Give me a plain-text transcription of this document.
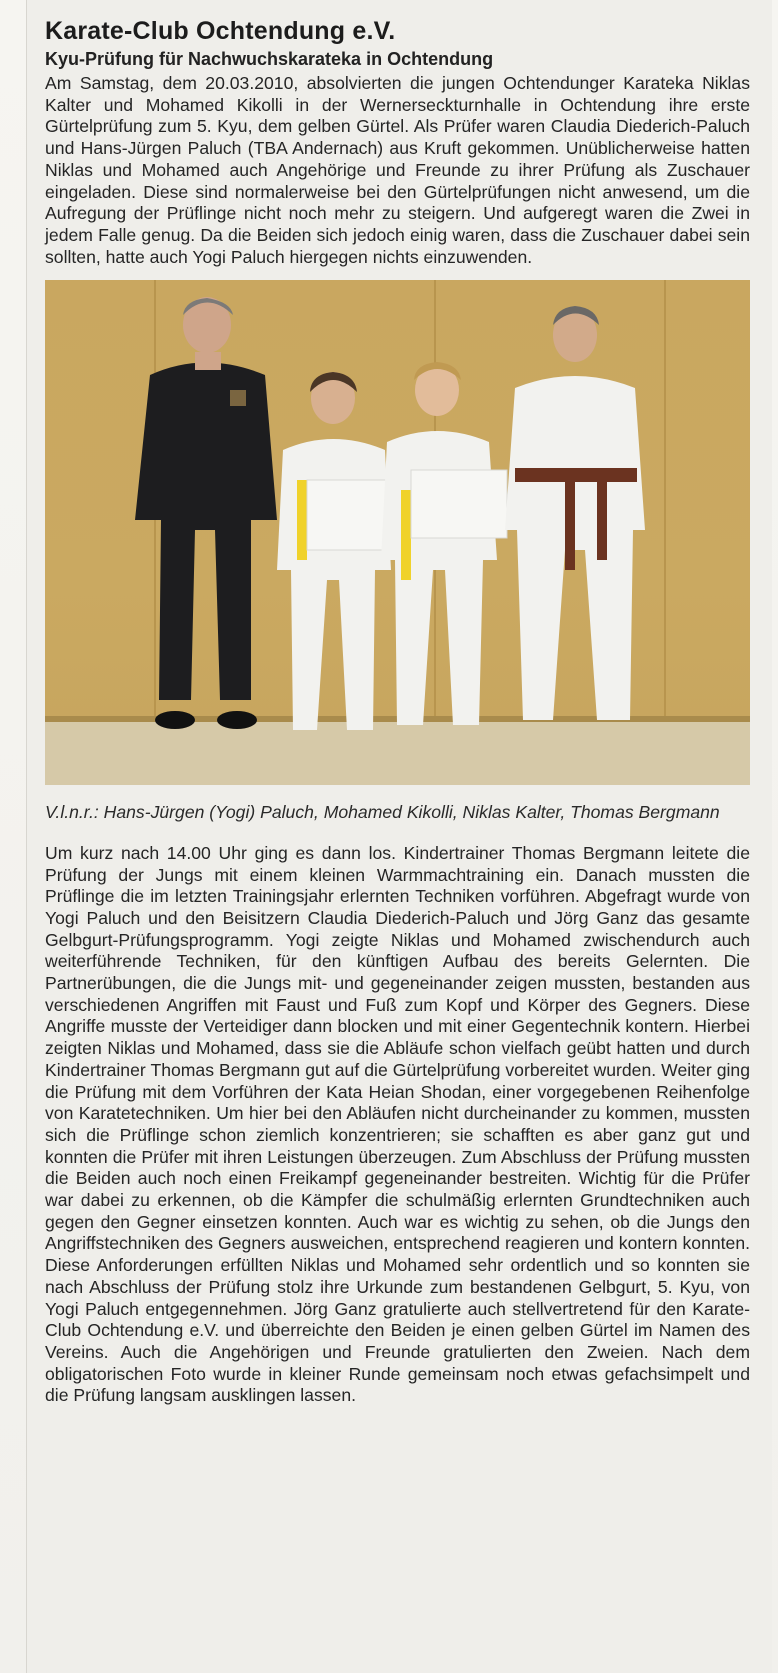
Karate-Club Ochtendung e.V.
Kyu-Prüfung für Nachwuchskarateka in Ochtendung

Am Samstag, dem 20.03.2010, absolvierten die jungen Ochtendunger Karateka Niklas Kalter und Mohamed Kikolli in der Wernerseckturnhalle in Ochtendung ihre erste Gürtelprüfung zum 5. Kyu, dem gelben Gürtel. Als Prüfer waren Claudia Diederich-Paluch und Hans-Jürgen Paluch (TBA Andernach) aus Kruft gekommen. Unüblicherweise hatten Niklas und Mohamed auch Angehörige und Freunde zu ihrer Prüfung als Zuschauer eingeladen. Diese sind normalerweise bei den Gürtelprüfungen nicht anwesend, um die Aufregung der Prüflinge nicht noch mehr zu steigern. Und aufgeregt waren die Zwei in jedem Falle genug. Da die Beiden sich jedoch einig waren, dass die Zuschauer dabei sein sollten, hatte auch Yogi Paluch hiergegen nichts einzuwenden.

V.l.n.r.: Hans-Jürgen (Yogi) Paluch, Mohamed Kikolli, Niklas Kalter, Thomas Bergmann

Um kurz nach 14.00 Uhr ging es dann los. Kindertrainer Thomas Bergmann leitete die Prüfung der Jungs mit einem kleinen Warmmachtraining ein. Danach mussten die Prüflinge die im letzten Trainingsjahr erlernten Techniken vorführen. Abgefragt wurde von Yogi Paluch und den Beisitzern Claudia Diederich-Paluch und Jörg Ganz das gesamte Gelbgurt-Prüfungsprogramm. Yogi zeigte Niklas und Mohamed zwischendurch auch weiterführende Techniken, für den künftigen Aufbau des bereits Gelernten. Die Partnerübungen, die die Jungs mit- und gegeneinander zeigen mussten, bestanden aus verschiedenen Angriffen mit Faust und Fuß zum Kopf und Körper des Gegners. Diese Angriffe musste der Verteidiger dann blocken und mit einer Gegentechnik kontern. Hierbei zeigten Niklas und Mohamed, dass sie die Abläufe schon vielfach geübt hatten und durch Kindertrainer Thomas Bergmann gut auf die Gürtelprüfung vorbereitet wurden. Weiter ging die Prüfung mit dem Vorführen der Kata Heian Shodan, einer vorgegebenen Reihenfolge von Karatetechniken. Um hier bei den Abläufen nicht durcheinander zu kommen, mussten sich die Prüflinge schon ziemlich konzentrieren; sie schafften es aber ganz gut und konnten die Prüfer mit ihren Leistungen überzeugen. Zum Abschluss der Prüfung mussten die Beiden auch noch einen Freikampf gegeneinander bestreiten. Wichtig für die Prüfer war dabei zu erkennen, ob die Kämpfer die schulmäßig erlernten Grundtechniken auch gegen den Gegner einsetzen konnten. Auch war es wichtig zu sehen, ob die Jungs den Angriffstechniken des Gegners ausweichen, entsprechend reagieren und kontern konnten. Diese Anforderungen erfüllten Niklas und Mohamed sehr ordentlich und so konnten sie nach Abschluss der Prüfung stolz ihre Urkunde zum bestandenen Gelbgurt, 5. Kyu, von Yogi Paluch entgegennehmen. Jörg Ganz gratulierte auch stellvertretend für den Karate-Club Ochtendung e.V. und überreichte den Beiden je einen gelben Gürtel im Namen des Vereins. Auch die Angehörigen und Freunde gratulierten den Zweien. Nach dem obligatorischen Foto wurde in kleiner Runde gemeinsam noch etwas gefachsimpelt und die Prüfung langsam ausklingen lassen.
